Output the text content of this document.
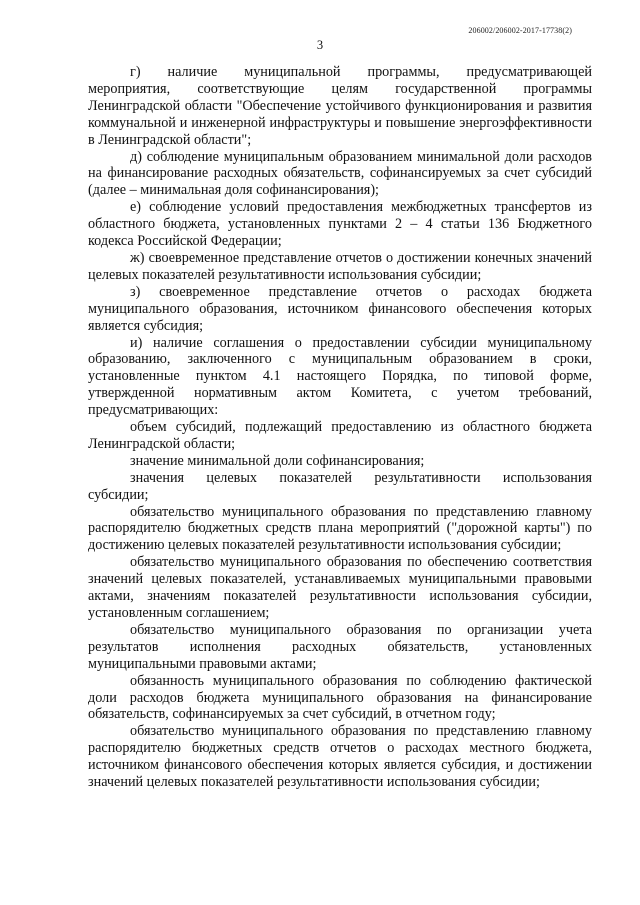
206002/206002-2017-17738(2)
3

г)   наличие   муниципальной   программы,   предусматривающей мероприятия, соответствующие целям государственной программы Ленинградской области "Обеспечение устойчивого функционирования и развития коммунальной и инженерной инфраструктуры и повышение энергоэффективности в Ленинградской области";

д) соблюдение муниципальным образованием минимальной доли расходов на финансирование расходных обязательств, софинансируемых за счет субсидий (далее – минимальная доля софинансирования);

е) соблюдение условий предоставления межбюджетных трансфертов из областного бюджета, установленных пунктами 2 – 4 статьи 136 Бюджетного кодекса Российской Федерации;

ж) своевременное представление отчетов о достижении конечных значений целевых показателей результативности использования субсидии;

з) своевременное представление отчетов о расходах бюджета муниципального образования, источником финансового обеспечения которых является субсидия;

и) наличие соглашения о предоставлении субсидии муниципальному образованию, заключенного с муниципальным образованием в сроки, установленные пунктом 4.1 настоящего Порядка, по типовой форме, утвержденной нормативным актом Комитета, с учетом требований, предусматривающих:

объем субсидий, подлежащий предоставлению из областного бюджета Ленинградской области;

значение минимальной доли софинансирования;

значения    целевых    показателей    результативности    использования субсидии;

обязательство муниципального образования по представлению главному распорядителю бюджетных средств плана мероприятий ("дорожной карты") по достижению целевых показателей результативности использования субсидии;

обязательство муниципального образования по обеспечению соответствия значений целевых показателей, устанавливаемых муниципальными правовыми актами, значениям показателей результативности использования субсидии, установленным соглашением;

обязательство муниципального образования по организации учета результатов исполнения расходных обязательств, установленных муниципальными правовыми актами;

обязанность муниципального образования по соблюдению фактической доли расходов бюджета муниципального образования на финансирование обязательств, софинансируемых за счет субсидий, в отчетном году;

обязательство муниципального образования по представлению главному распорядителю бюджетных средств отчетов о расходах местного бюджета, источником финансового обеспечения которых является субсидия, и достижении значений целевых показателей результативности использования субсидии;
